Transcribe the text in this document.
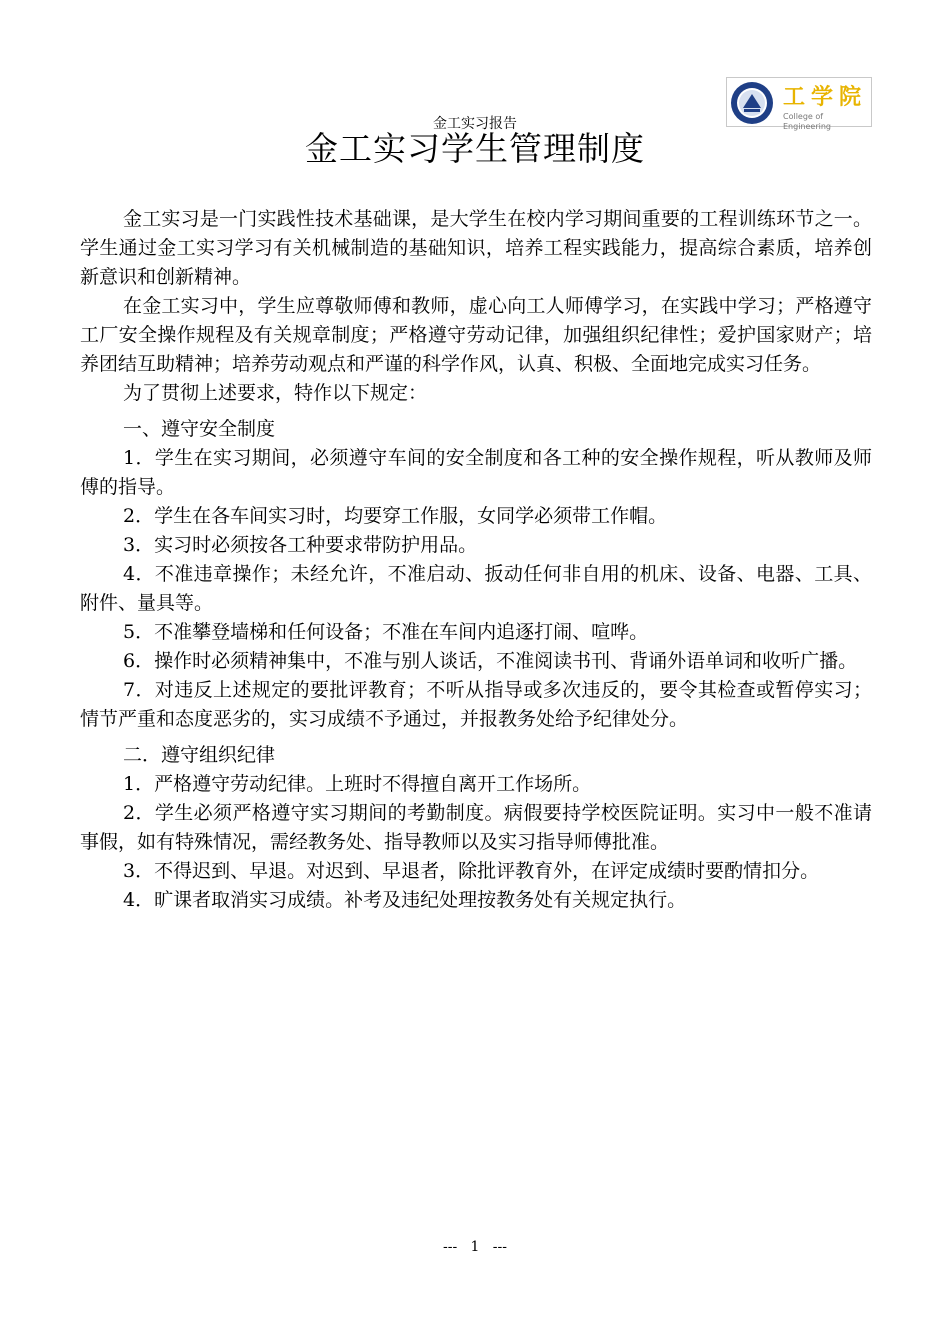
金工实习报告
金工实习学生管理制度
工学院
College of Engineering

金工实习是一门实践性技术基础课，是大学生在校内学习期间重要的工程训练环节之一。学生通过金工实习学习有关机械制造的基础知识，培养工程实践能力，提高综合素质，培养创新意识和创新精神。

在金工实习中，学生应尊敬师傅和教师，虚心向工人师傅学习，在实践中学习；严格遵守工厂安全操作规程及有关规章制度；严格遵守劳动记律，加强组织纪律性；爱护国家财产；培养团结互助精神；培养劳动观点和严谨的科学作风，认真、积极、全面地完成实习任务。

为了贯彻上述要求，特作以下规定：

一、遵守安全制度

1．学生在实习期间，必须遵守车间的安全制度和各工种的安全操作规程，听从教师及师傅的指导。

2．学生在各车间实习时，均要穿工作服，女同学必须带工作帽。

3．实习时必须按各工种要求带防护用品。

4．不准违章操作；未经允许，不准启动、扳动任何非自用的机床、设备、电器、工具、附件、量具等。

5．不准攀登墙梯和任何设备；不准在车间内追逐打闹、喧哗。

6．操作时必须精神集中，不准与别人谈话，不准阅读书刊、背诵外语单词和收听广播。

7．对违反上述规定的要批评教育；不听从指导或多次违反的，要令其检查或暂停实习；情节严重和态度恶劣的，实习成绩不予通过，并报教务处给予纪律处分。

二．遵守组织纪律

1．严格遵守劳动纪律。上班时不得擅自离开工作场所。

2．学生必须严格遵守实习期间的考勤制度。病假要持学校医院证明。实习中一般不准请事假，如有特殊情况，需经教务处、指导教师以及实习指导师傅批准。

3．不得迟到、早退。对迟到、早退者，除批评教育外，在评定成绩时要酌情扣分。

4．旷课者取消实习成绩。补考及违纪处理按教务处有关规定执行。

---   1   ---
